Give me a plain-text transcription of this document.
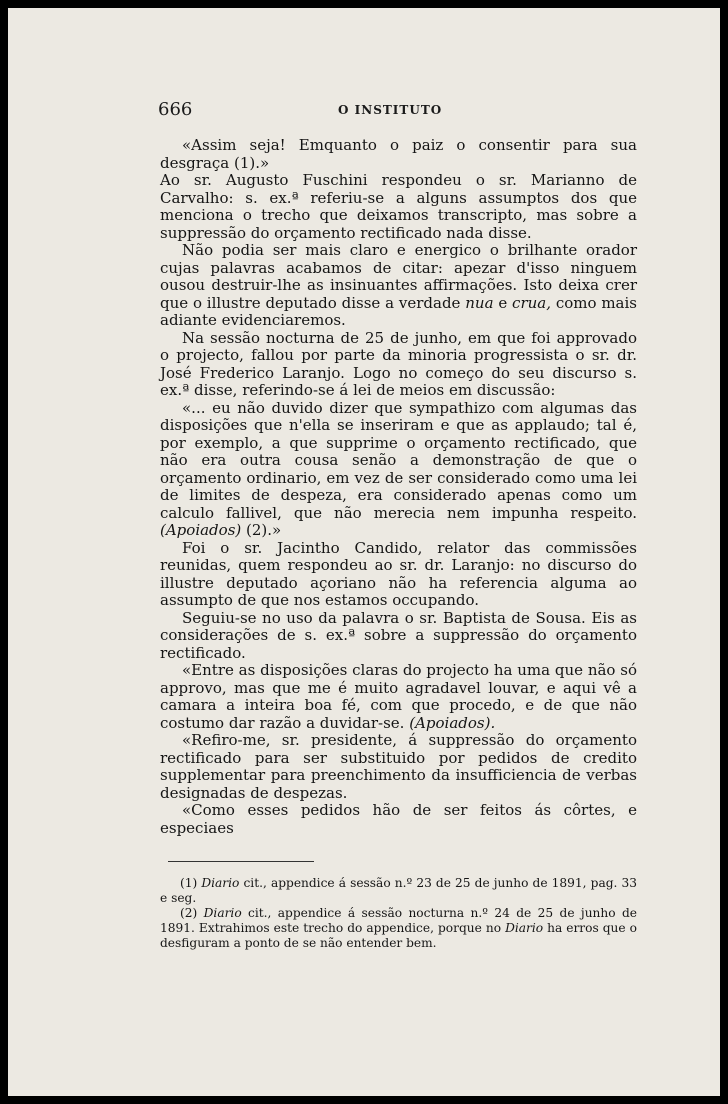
666	O INSTITUTO

«Assim seja! Emquanto o paiz o consentir para sua desgraça (1).»

Ao sr. Augusto Fuschini respondeu o sr. Marianno de Carvalho: s. ex.ª referiu-se a alguns assumptos dos que menciona o trecho que deixamos transcripto, mas sobre a suppressão do orçamento rectificado nada disse.

Não podia ser mais claro e energico o brilhante orador cujas palavras acabamos de citar: apezar d'isso ninguem ousou destruir-lhe as insinuantes affirmações. Isto deixa crer que o illustre deputado disse a verdade nua e crua, como mais adiante evidenciaremos.

Na sessão nocturna de 25 de junho, em que foi approvado o projecto, fallou por parte da minoria progressista o sr. dr. José Frederico Laranjo. Logo no começo do seu discurso s. ex.ª disse, referindo-se á lei de meios em discussão:

«... eu não duvido dizer que sympathizo com algumas das disposições que n'ella se inseriram e que as applaudo; tal é, por exemplo, a que supprime o orçamento rectificado, que não era outra cousa senão a demonstração de que o orçamento ordinario, em vez de ser considerado como uma lei de limites de despeza, era considerado apenas como um calculo fallivel, que não merecia nem impunha respeito. (Apoiados) (2).»

Foi o sr. Jacintho Candido, relator das commissões reunidas, quem respondeu ao sr. dr. Laranjo: no discurso do illustre deputado açoriano não ha referencia alguma ao assumpto de que nos estamos occupando.

Seguiu-se no uso da palavra o sr. Baptista de Sousa. Eis as considerações de s. ex.ª sobre a suppressão do orçamento rectificado.

«Entre as disposições claras do projecto ha uma que não só approvo, mas que me é muito agradavel louvar, e aqui vê a camara a inteira boa fé, com que procedo, e de que não costumo dar razão a duvidar-se. (Apoiados).

«Refiro-me, sr. presidente, á suppressão do orçamento rectificado para ser substituido por pedidos de credito supplementar para preenchimento da insufficiencia de verbas designadas de despezas.

«Como esses pedidos hão de ser feitos ás côrtes, e especiaes

(1) Diario cit., appendice á sessão n.º 23 de 25 de junho de 1891, pag. 33 e seg.

(2) Diario cit., appendice á sessão nocturna n.º 24 de 25 de junho de 1891. Extrahimos este trecho do appendice, porque no Diario ha erros que o desfiguram a ponto de se não entender bem.
